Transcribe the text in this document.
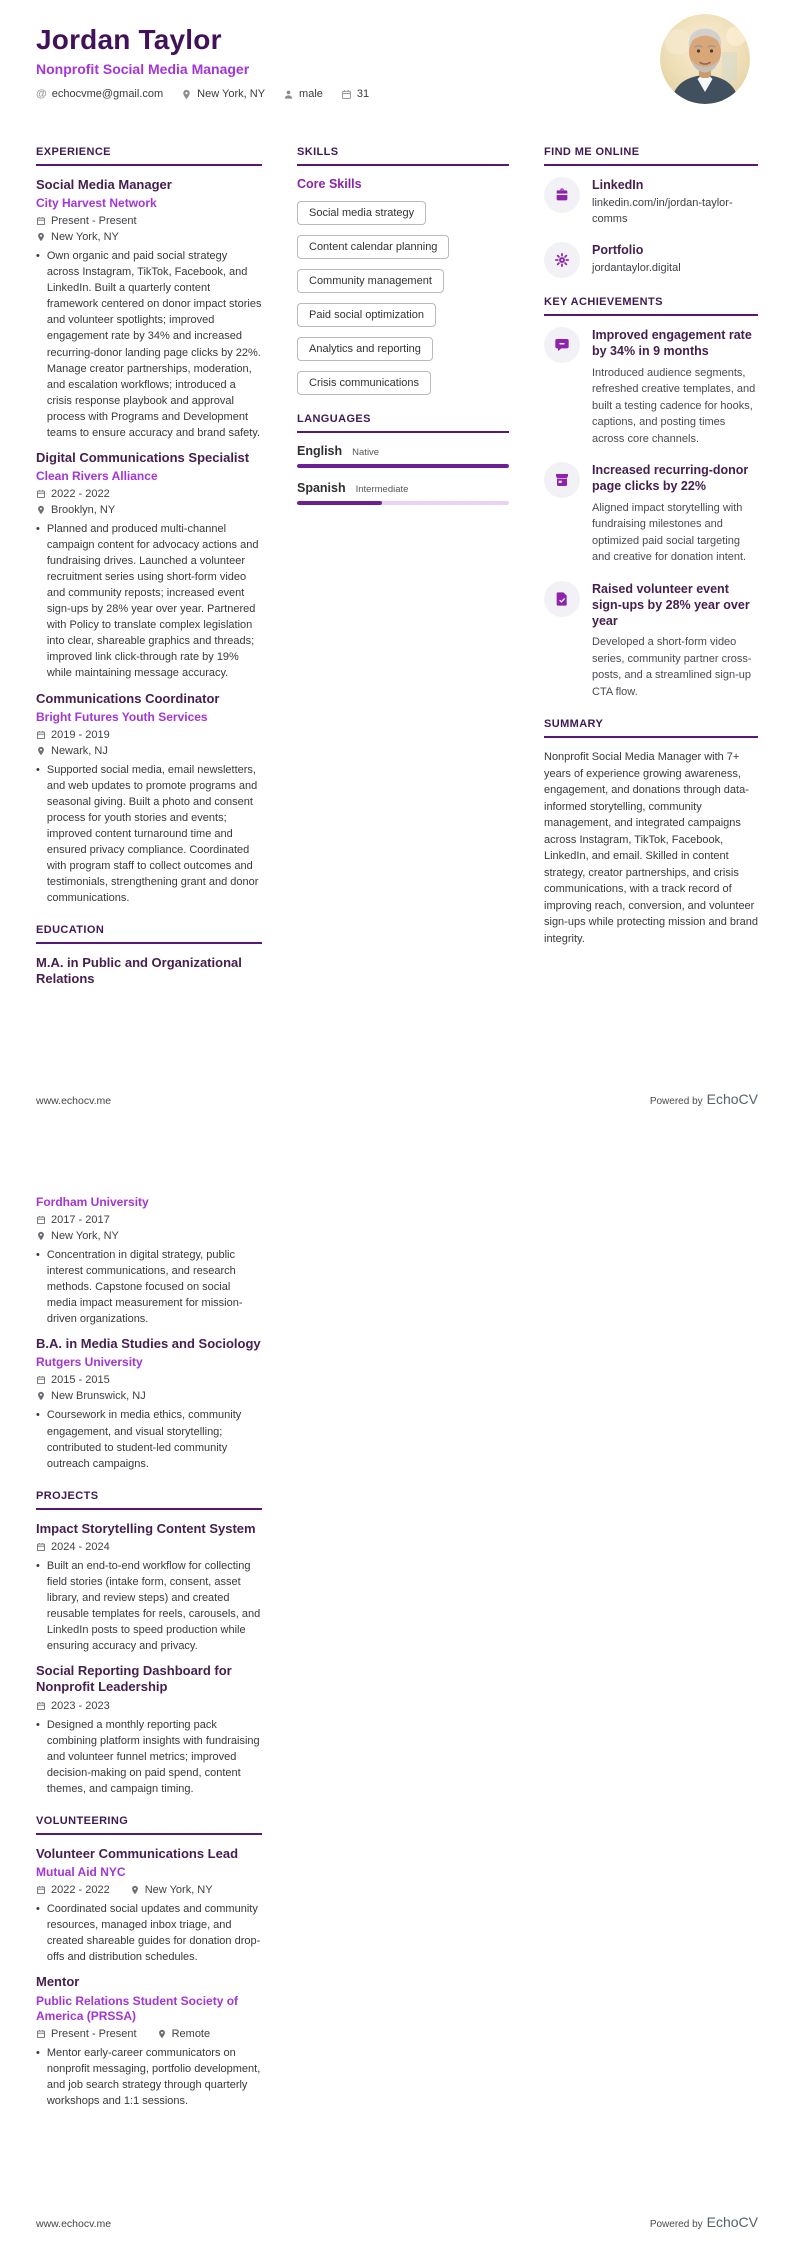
Jordan Taylor
Nonprofit Social Media Manager
@ echocvme@gmail.com	New York, NY	male	31
EXPERIENCE
Social Media Manager
City Harvest Network
Present - Present
New York, NY
• Own organic and paid social strategy across Instagram, TikTok, Facebook, and LinkedIn. Built a quarterly content framework centered on donor impact stories and volunteer spotlights; improved engagement rate by 34% and increased recurring-donor landing page clicks by 22%. Manage creator partnerships, moderation, and escalation workflows; introduced a crisis response playbook and approval process with Programs and Development teams to ensure accuracy and brand safety.
Digital Communications Specialist
Clean Rivers Alliance
2022 - 2022
Brooklyn, NY
• Planned and produced multi-channel campaign content for advocacy actions and fundraising drives. Launched a volunteer recruitment series using short-form video and community reposts; increased event sign-ups by 28% year over year. Partnered with Policy to translate complex legislation into clear, shareable graphics and threads; improved link click-through rate by 19% while maintaining message accuracy.
Communications Coordinator
Bright Futures Youth Services
2019 - 2019
Newark, NJ
• Supported social media, email newsletters, and web updates to promote programs and seasonal giving. Built a photo and consent process for youth stories and events; improved content turnaround time and ensured privacy compliance. Coordinated with program staff to collect outcomes and testimonials, strengthening grant and donor communications.
EDUCATION
M.A. in Public and Organizational Relations
SKILLS
Core Skills
Social media strategy
Content calendar planning
Community management
Paid social optimization
Analytics and reporting
Crisis communications
LANGUAGES
English Native
Spanish Intermediate
FIND ME ONLINE
LinkedIn
linkedin.com/in/jordan-taylor-comms
Portfolio
jordantaylor.digital
KEY ACHIEVEMENTS
Improved engagement rate by 34% in 9 months
Introduced audience segments, refreshed creative templates, and built a testing cadence for hooks, captions, and posting times across core channels.
Increased recurring-donor page clicks by 22%
Aligned impact storytelling with fundraising milestones and optimized paid social targeting and creative for donation intent.
Raised volunteer event sign-ups by 28% year over year
Developed a short-form video series, community partner cross-posts, and a streamlined sign-up CTA flow.
SUMMARY
Nonprofit Social Media Manager with 7+ years of experience growing awareness, engagement, and donations through data-informed storytelling, community management, and integrated campaigns across Instagram, TikTok, Facebook, LinkedIn, and email. Skilled in content strategy, creator partnerships, and crisis communications, with a track record of improving reach, conversion, and volunteer sign-ups while protecting mission and brand integrity.
www.echocv.me	Powered by EchoCV
Fordham University
2017 - 2017
New York, NY
• Concentration in digital strategy, public interest communications, and research methods. Capstone focused on social media impact measurement for mission-driven organizations.
B.A. in Media Studies and Sociology
Rutgers University
2015 - 2015
New Brunswick, NJ
• Coursework in media ethics, community engagement, and visual storytelling; contributed to student-led community outreach campaigns.
PROJECTS
Impact Storytelling Content System
2024 - 2024
• Built an end-to-end workflow for collecting field stories (intake form, consent, asset library, and review steps) and created reusable templates for reels, carousels, and LinkedIn posts to speed production while ensuring accuracy and privacy.
Social Reporting Dashboard for Nonprofit Leadership
2023 - 2023
• Designed a monthly reporting pack combining platform insights with fundraising and volunteer funnel metrics; improved decision-making on paid spend, content themes, and campaign timing.
VOLUNTEERING
Volunteer Communications Lead
Mutual Aid NYC
2022 - 2022	New York, NY
• Coordinated social updates and community resources, managed inbox triage, and created shareable guides for donation drop-offs and distribution schedules.
Mentor
Public Relations Student Society of America (PRSSA)
Present - Present	Remote
• Mentor early-career communicators on nonprofit messaging, portfolio development, and job search strategy through quarterly workshops and 1:1 sessions.
www.echocv.me	Powered by EchoCV
